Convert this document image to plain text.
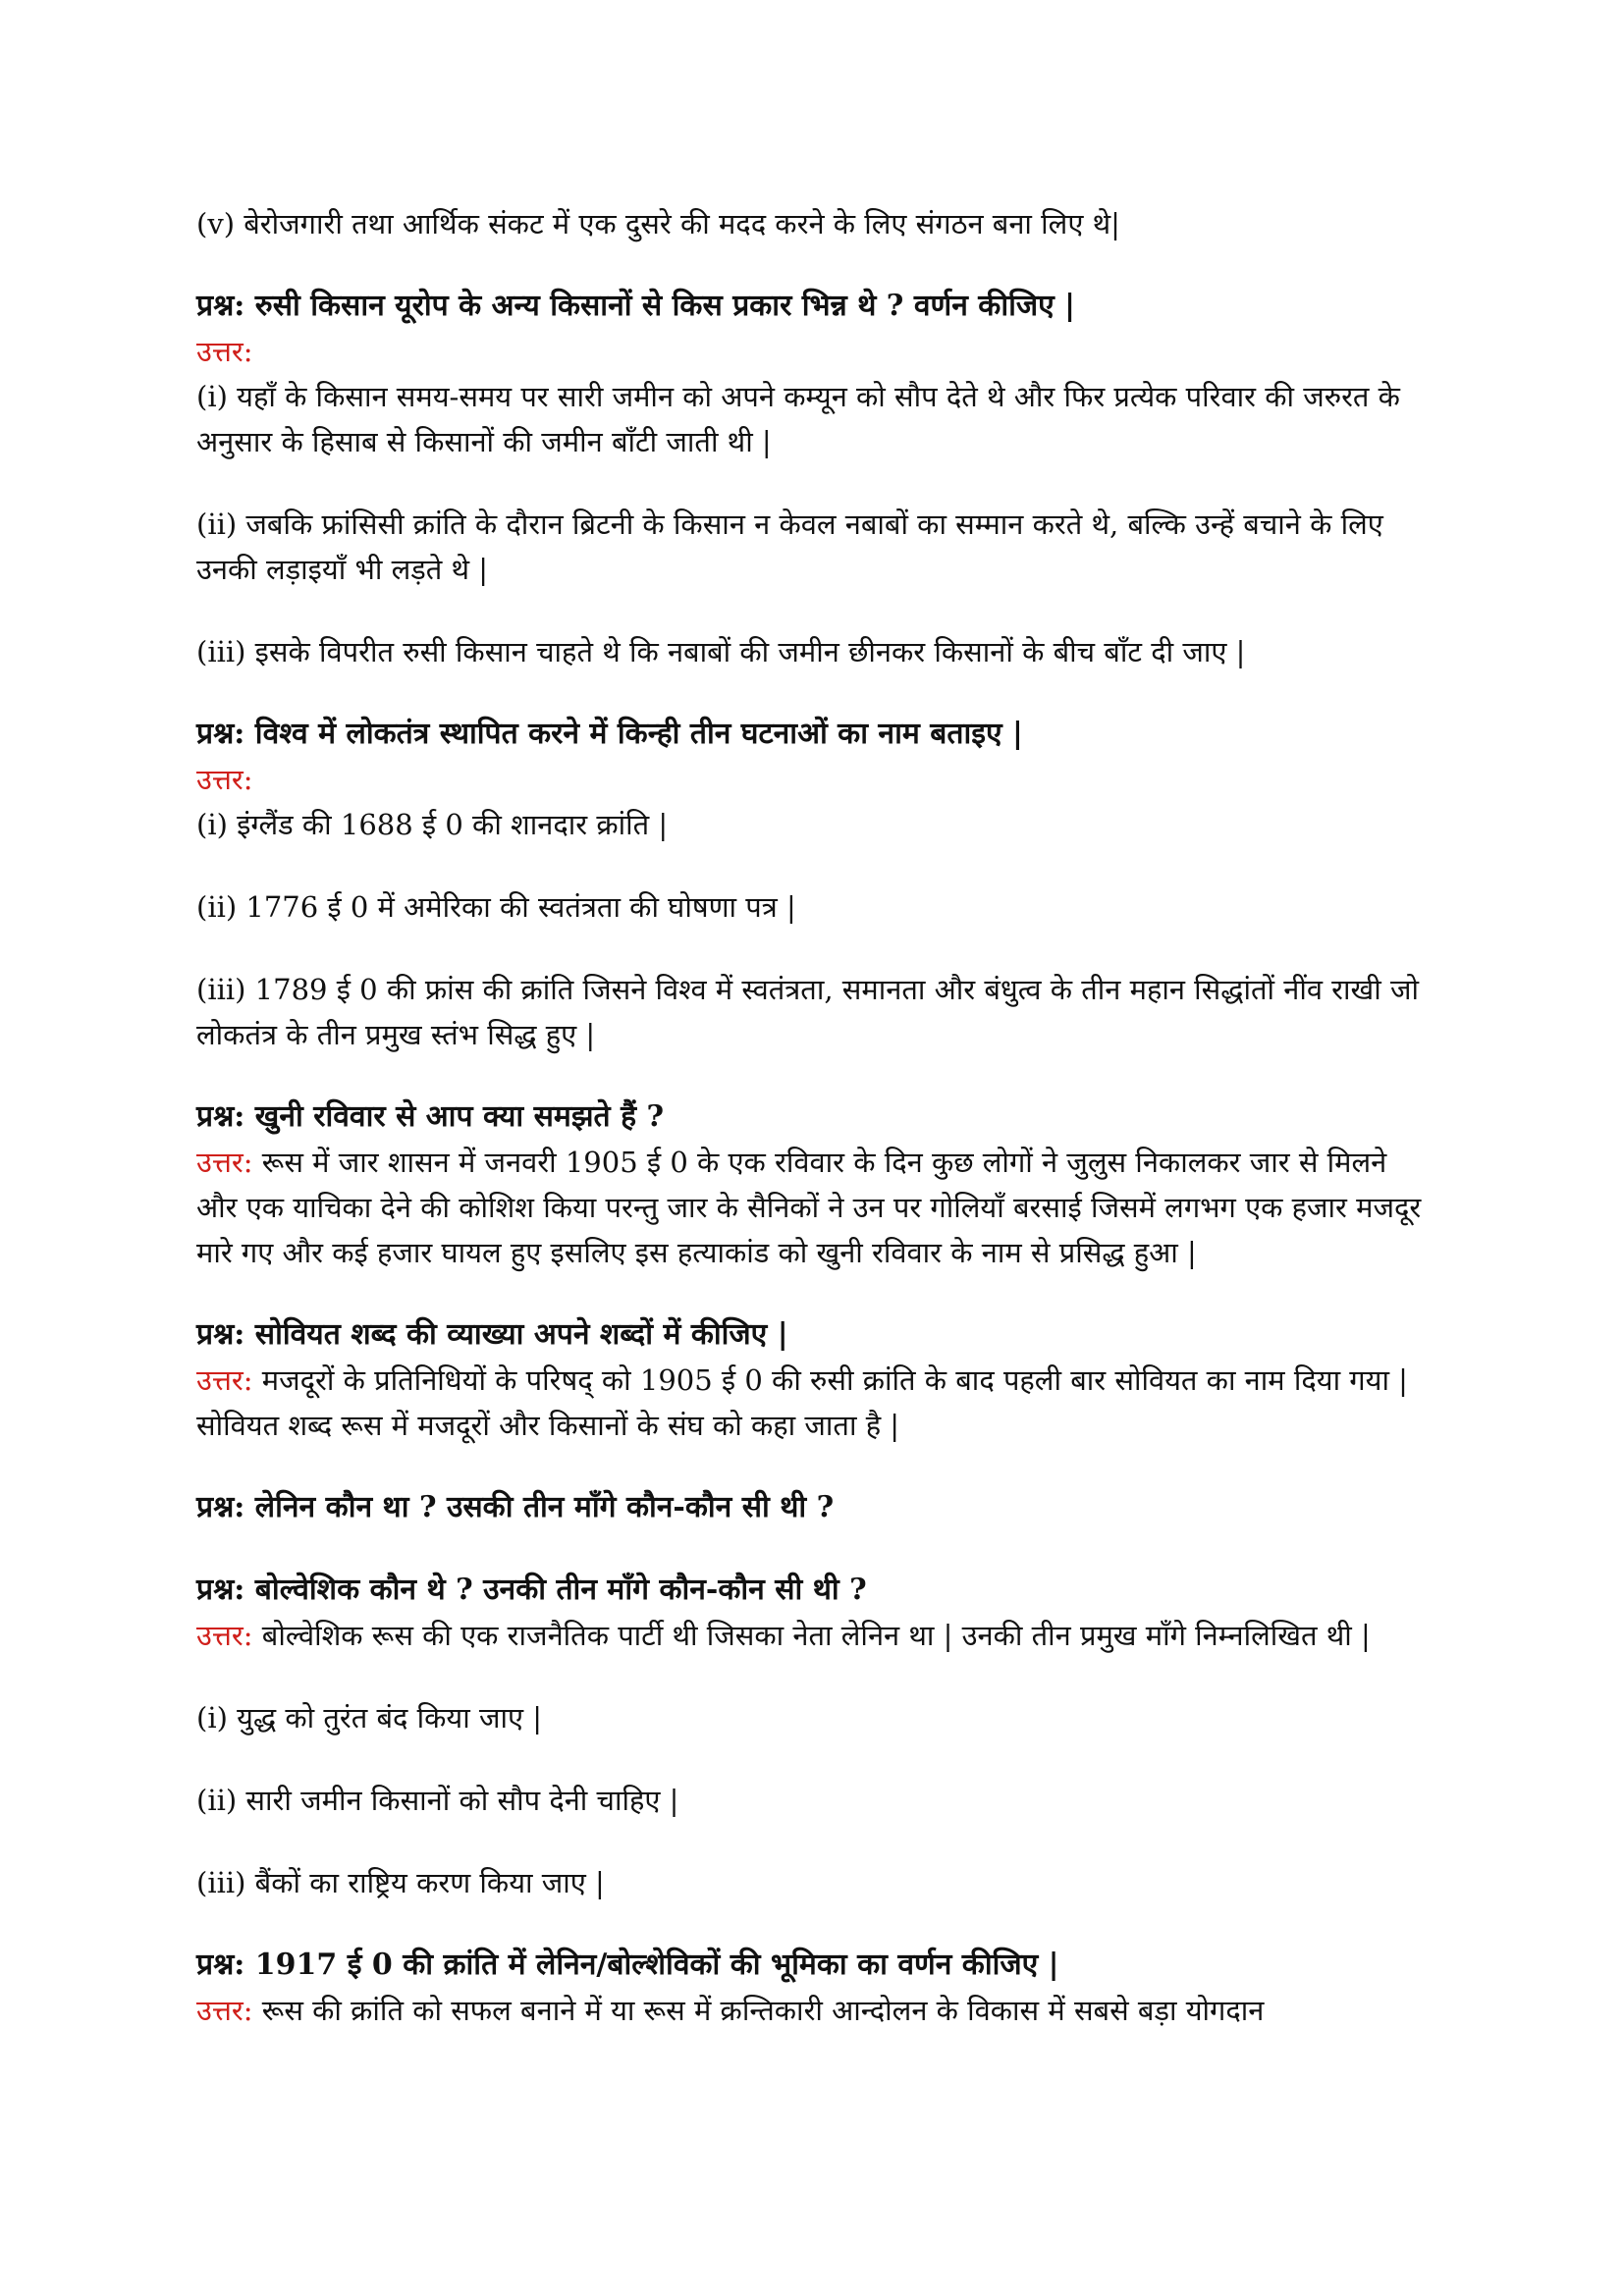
(v) बेरोजगारी तथा आर्थिक संकट में एक दुसरे की मदद करने के लिए संगठन बना लिए थे|

प्रश्न: रुसी किसान यूरोप के अन्य किसानों से किस प्रकार भिन्न थे ? वर्णन कीजिए |

उत्तर:

(i) यहाँ के किसान समय-समय पर सारी जमीन को अपने कम्यून को सौप देते थे और फिर प्रत्येक परिवार की जरुरत के अनुसार के हिसाब से किसानों की जमीन बाँटी जाती थी |

(ii) जबकि फ्रांसिसी क्रांति के दौरान ब्रिटनी के किसान न केवल नबाबों का सम्मान करते थे, बल्कि उन्हें बचाने के लिए उनकी लड़ाइयाँ भी लड़ते थे |

(iii) इसके विपरीत रुसी किसान चाहते थे कि नबाबों की जमीन छीनकर किसानों के बीच बाँट दी जाए |

प्रश्न: विश्व में लोकतंत्र स्थापित करने में किन्ही तीन घटनाओं का नाम बताइए |

उत्तर:

(i) इंग्लैंड की 1688 ई 0 की शानदार क्रांति |

(ii) 1776 ई 0 में अमेरिका की स्वतंत्रता की घोषणा पत्र |

(iii) 1789 ई 0 की फ्रांस की क्रांति जिसने विश्व में स्वतंत्रता, समानता और बंधुत्व के तीन महान सिद्धांतों नींव राखी जो लोकतंत्र के तीन प्रमुख स्तंभ सिद्ध हुए |

प्रश्न: खुनी रविवार से आप क्या समझते हैं ?

उत्तर: रूस में जार शासन में जनवरी 1905 ई 0 के एक रविवार के दिन कुछ लोगों ने जुलुस निकालकर जार से मिलने और एक याचिका देने की कोशिश किया परन्तु जार के सैनिकों ने उन पर गोलियाँ बरसाई जिसमें लगभग एक हजार मजदूर मारे गए और कई हजार घायल हुए इसलिए इस हत्याकांड को खुनी रविवार के नाम से प्रसिद्ध हुआ |

प्रश्न: सोवियत शब्द की व्याख्या अपने शब्दों में कीजिए |

उत्तर: मजदूरों के प्रतिनिधियों के परिषद् को 1905 ई 0 की रुसी क्रांति के बाद पहली बार सोवियत का नाम दिया गया | सोवियत शब्द रूस में मजदूरों और किसानों के संघ को कहा जाता है |

प्रश्न: लेनिन कौन था ? उसकी तीन माँगे कौन-कौन सी थी ?

प्रश्न: बोल्वेशिक कौन थे ? उनकी तीन माँगे कौन-कौन सी थी ?

उत्तर: बोल्वेशिक रूस की एक राजनैतिक पार्टी थी जिसका नेता लेनिन था | उनकी तीन प्रमुख माँगे निम्नलिखित थी |

(i) युद्ध को तुरंत बंद किया जाए |

(ii) सारी जमीन किसानों को सौप देनी चाहिए |

(iii) बैंकों का राष्ट्रिय करण किया जाए |

प्रश्न: 1917 ई 0 की क्रांति में लेनिन/बोल्शेविकों की भूमिका का वर्णन कीजिए |

उत्तर: रूस की क्रांति को सफल बनाने में या रूस में क्रन्तिकारी आन्दोलन के विकास में सबसे बड़ा योगदान
